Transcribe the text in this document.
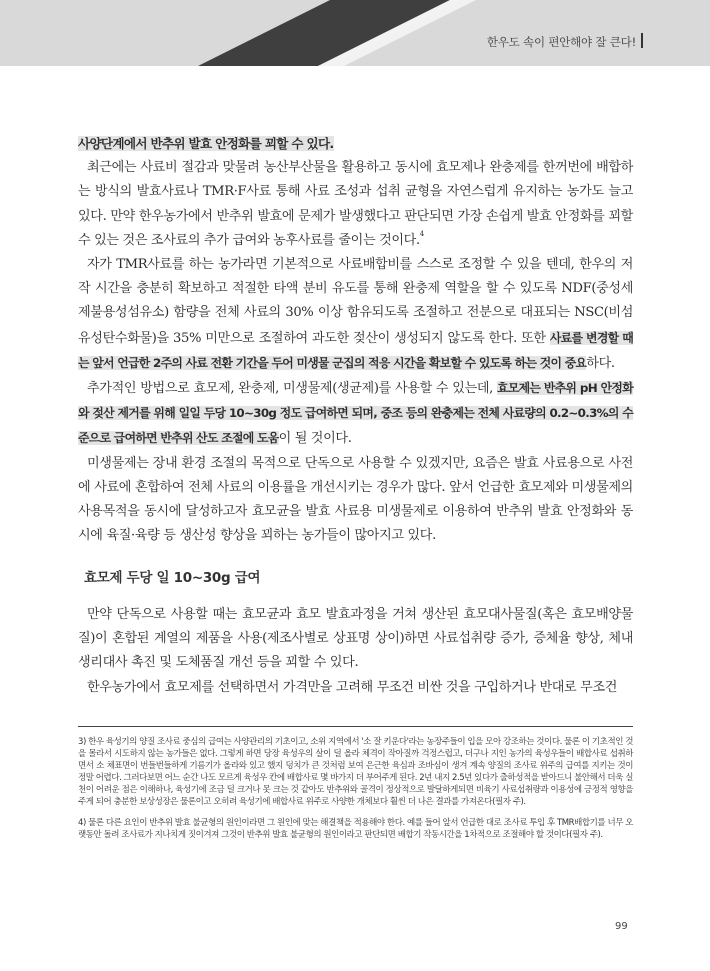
한우도 속이 편안해야 잘 큰다!
사양단계에서 반추위 발효 안정화를 꾀할 수 있다.
최근에는 사료비 절감과 맞물려 농산부산물을 활용하고 동시에 효모제나 완충제를 한꺼번에 배합하는 방식의 발효사료나 TMR·F사료 통해 사료 조성과 섭취 균형을 자연스럽게 유지하는 농가도 늘고 있다. 만약 한우농가에서 반추위 발효에 문제가 발생했다고 판단되면 가장 손쉽게 발효 안정화를 꾀할 수 있는 것은 조사료의 추가 급여와 농후사료를 줄이는 것이다.$^4$
자가 TMR사료를 하는 농가라면 기본적으로 사료배합비를 스스로 조정할 수 있을 텐데, 한우의 저작 시간을 충분히 확보하고 적절한 타액 분비 유도를 통해 완충제 역할을 할 수 있도록 NDF(중성세제불용성섬유소) 함량을 전체 사료의 30% 이상 함유되도록 조절하고 전분으로 대표되는 NSC(비섬유성탄수화물)을 35% 미만으로 조절하여 과도한 젖산이 생성되지 않도록 한다. 또한 사료를 변경할 때는 앞서 언급한 2주의 사료 전환 기간을 두어 미생물 군집의 적응 시간을 확보할 수 있도록 하는 것이 중요하다.
추가적인 방법으로 효모제, 완충제, 미생물제(생균제)를 사용할 수 있는데, 효모제는 반추위 pH 안정화와 젖산 제거를 위해 일일 두당 10~30g 정도 급여하면 되며, 중조 등의 완충제는 전체 사료량의 0.2~0.3%의 수준으로 급여하면 반추위 산도 조절에 도움이 될 것이다.
미생물제는 장내 환경 조절의 목적으로 단독으로 사용할 수 있겠지만, 요즘은 발효 사료용으로 사전에 사료에 혼합하여 전체 사료의 이용률을 개선시키는 경우가 많다. 앞서 언급한 효모제와 미생물제의 사용목적을 동시에 달성하고자 효모균을 발효 사료용 미생물제로 이용하여 반추위 발효 안정화와 동시에 육질·육량 등 생산성 향상을 꾀하는 농가들이 많아지고 있다.
효모제 두당 일 10~30g 급여
만약 단독으로 사용할 때는 효모균과 효모 발효과정을 거쳐 생산된 효모대사물질(혹은 효모배양물질)이 혼합된 계열의 제품을 사용(제조사별로 상표명 상이)하면 사료섭취량 증가, 증체율 향상, 체내 생리대사 촉진 및 도체품질 개선 등을 꾀할 수 있다.
한우농가에서 효모제를 선택하면서 가격만을 고려해 무조건 비싼 것을 구입하거나 반대로 무조건
3) 한우 육성기의 양질 조사료 중심의 급여는 사양관리의 기초이고, 소위 지역에서 '소 잘 키운다'라는 농장주들이 입을 모아 강조하는 것이다. 물론 이 기초적인 것을 몰라서 시도하지 않는 농가들은 없다. 그렇게 하면 당장 육성우의 살이 덜 올라 체격이 작아질까 걱정스럽고, 더구나 지인 농가의 육성우들이 배합사료 섭취하면서 소 체표면이 번들번들하게 기름기가 올라와 있고 했지 덩치가 큰 것처럼 보여 은근한 육심과 조바심이 생겨 계속 양질의 조사료 위주의 급여를 지키는 것이 정말 어렵다. 그러다보면 어느 순간 나도 모르게 육성우 칸에 배합사료 몇 바가지 더 부어주게 된다. 2년 내지 2.5년 있다가 출하성적을 받아드니 불안해서 더욱 실천이 어려운 점은 이해하나, 육성기에 조금 덜 크거나 못 크는 것 같아도 반추위와 골격이 정상적으로 발달하게되면 비육기 사료섭취량과 이용성에 긍정적 영향을 주게 되어 충분한 보상성장은 물론이고 오히려 육성기에 배합사료 위주로 사양한 개체보다 훨씬 더 나은 결과를 가져온다(필자 주).
4) 물론 다른 요인이 반추위 발효 불균형의 원인이라면 그 원인에 맞는 해결책을 적용해야 한다. 예를 들어 앞서 언급한 대로 조사료 투입 후 TMR배합기를 너무 오랫동안 돌려 조사료가 지나치게 짓이겨져 그것이 반추위 발효 불균형의 원인이라고 판단되면 배합기 작동시간을 1차적으로 조절해야 할 것이다(필자 주).
99
